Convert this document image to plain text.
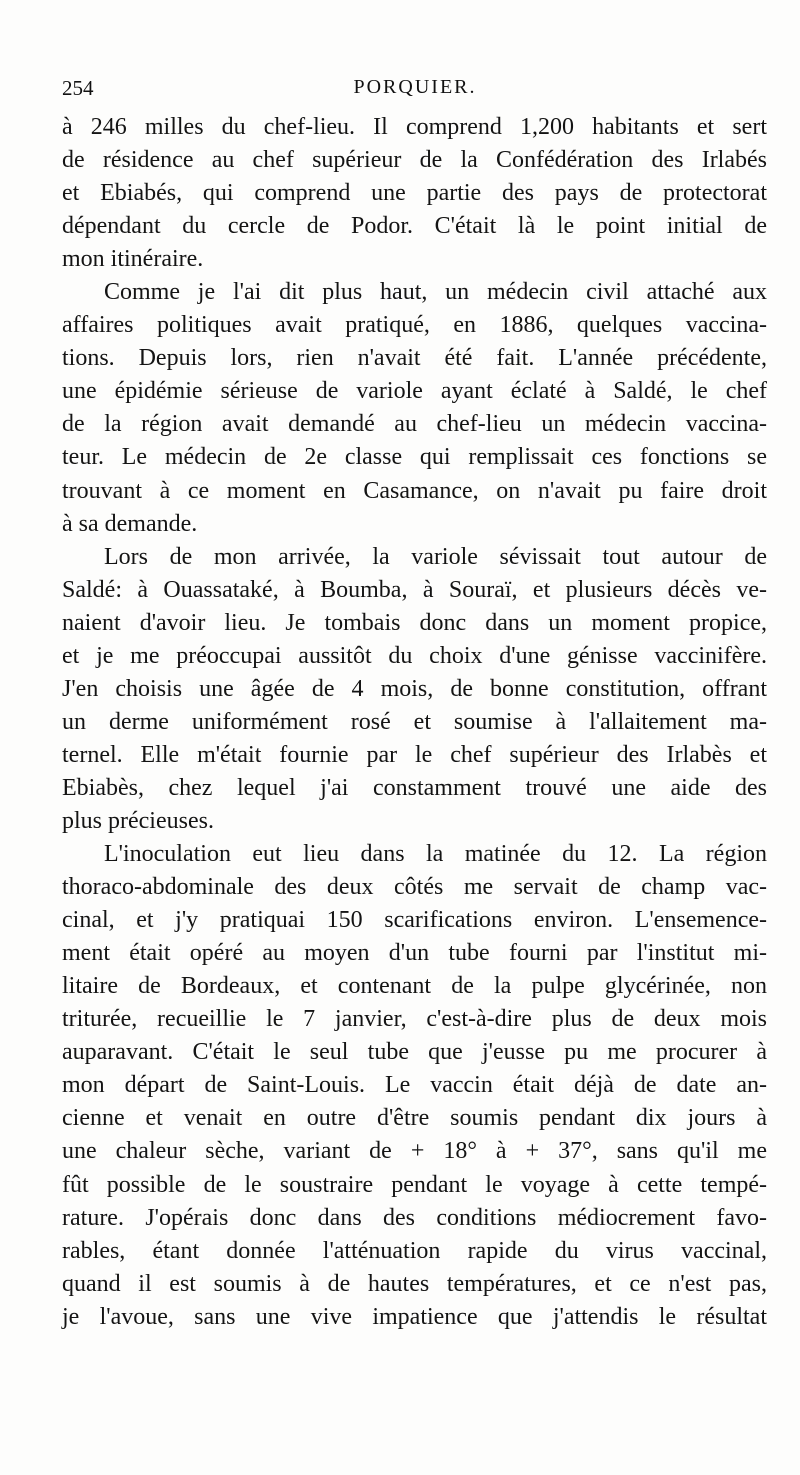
254	PORQUIER.
à 246 milles du chef-lieu. Il comprend 1,200 habitants et sert
de résidence au chef supérieur de la Confédération des Irlabés
et Ebiabés, qui comprend une partie des pays de protectorat
dépendant du cercle de Podor. C'était là le point initial de
mon itinéraire.
Comme je l'ai dit plus haut, un médecin civil attaché aux
affaires politiques avait pratiqué, en 1886, quelques vaccina-
tions. Depuis lors, rien n'avait été fait. L'année précédente,
une épidémie sérieuse de variole ayant éclaté à Saldé, le chef
de la région avait demandé au chef-lieu un médecin vaccina-
teur. Le médecin de 2e classe qui remplissait ces fonctions se
trouvant à ce moment en Casamance, on n'avait pu faire droit
à sa demande.
Lors de mon arrivée, la variole sévissait tout autour de
Saldé: à Ouassataké, à Boumba, à Souraï, et plusieurs décès ve-
naient d'avoir lieu. Je tombais donc dans un moment propice,
et je me préoccupai aussitôt du choix d'une génisse vaccinifère.
J'en choisis une âgée de 4 mois, de bonne constitution, offrant
un derme uniformément rosé et soumise à l'allaitement ma-
ternel. Elle m'était fournie par le chef supérieur des Irlabès et
Ebiabès, chez lequel j'ai constamment trouvé une aide des
plus précieuses.
L'inoculation eut lieu dans la matinée du 12. La région
thoraco-abdominale des deux côtés me servait de champ vac-
cinal, et j'y pratiquai 150 scarifications environ. L'ensemence-
ment était opéré au moyen d'un tube fourni par l'institut mi-
litaire de Bordeaux, et contenant de la pulpe glycérinée, non
triturée, recueillie le 7 janvier, c'est-à-dire plus de deux mois
auparavant. C'était le seul tube que j'eusse pu me procurer à
mon départ de Saint-Louis. Le vaccin était déjà de date an-
cienne et venait en outre d'être soumis pendant dix jours à
une chaleur sèche, variant de + 18° à + 37°, sans qu'il me
fût possible de le soustraire pendant le voyage à cette tempé-
rature. J'opérais donc dans des conditions médiocrement favo-
rables, étant donnée l'atténuation rapide du virus vaccinal,
quand il est soumis à de hautes températures, et ce n'est pas,
je l'avoue, sans une vive impatience que j'attendis le résultat
